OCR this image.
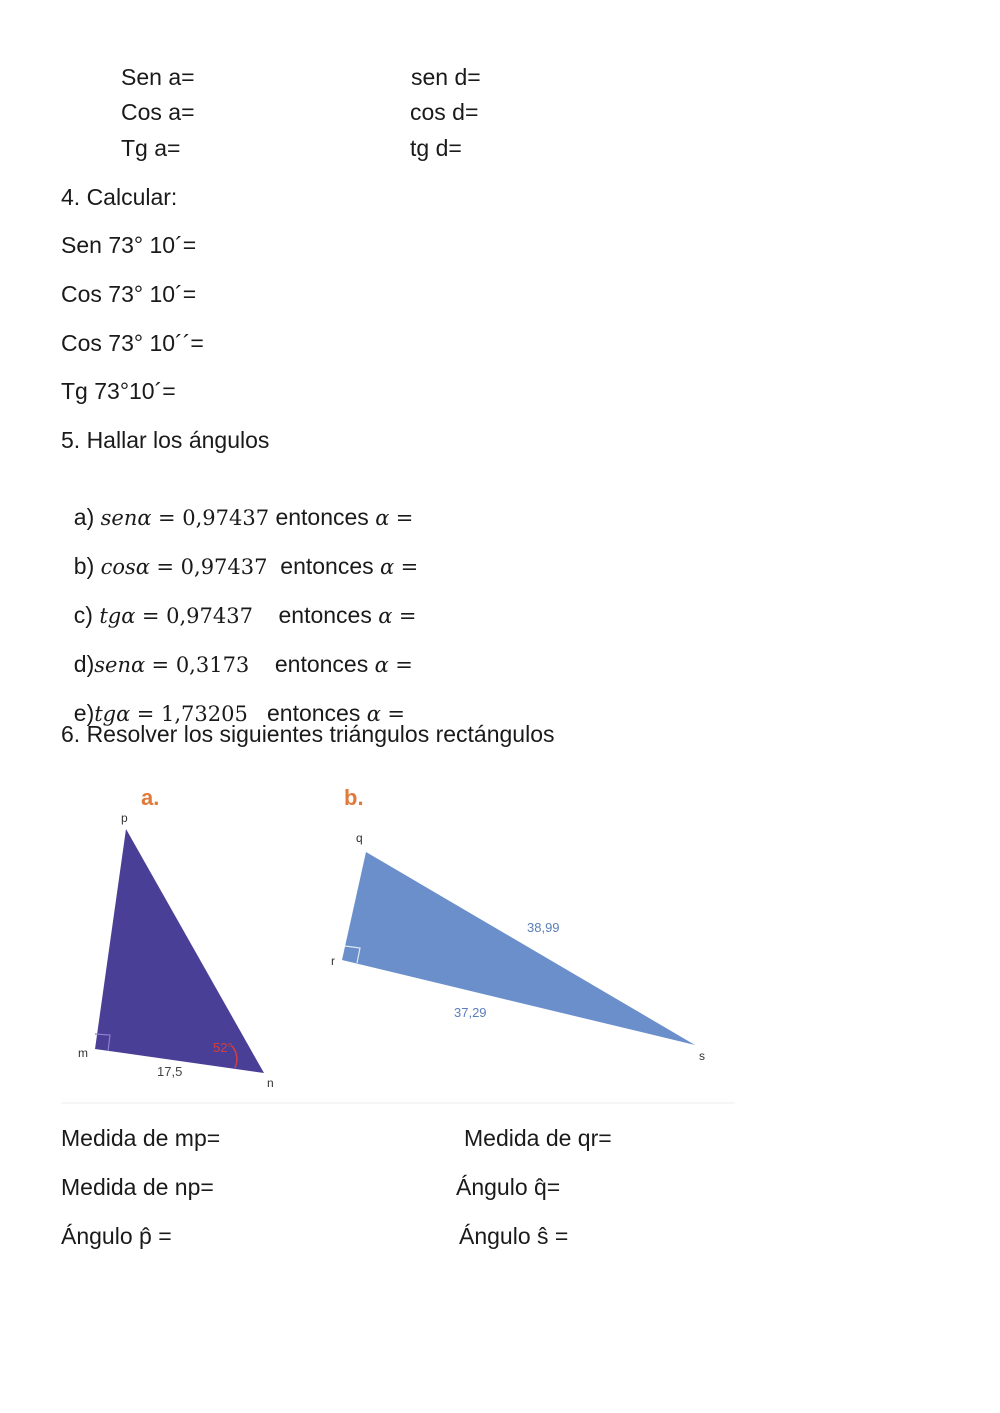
Sen a=	sen d=
Cos a=	cos d=
Tg a=	tg d=
4. Calcular:
Sen 73° 10´=
Cos 73° 10´=
Cos 73° 10´´=
Tg 73°10´=
5. Hallar los ángulos

a) senα = 0,97437 entonces α =

b) cosα = 0,97437 entonces α =

c) tgα = 0,97437 entonces α =

d)senα = 0,3173 entonces α =

e)tgα = 1,73205 entonces α =

6. Resolver los siguientes triángulos rectángulos
a.
52°
p
m
n
17,5
b.
q
r
s
38,99
37,29
Medida de mp=	Medida de qr=
Medida de np=	Ángulo q̂=
Ángulo p̂ =	Ángulo ŝ =
